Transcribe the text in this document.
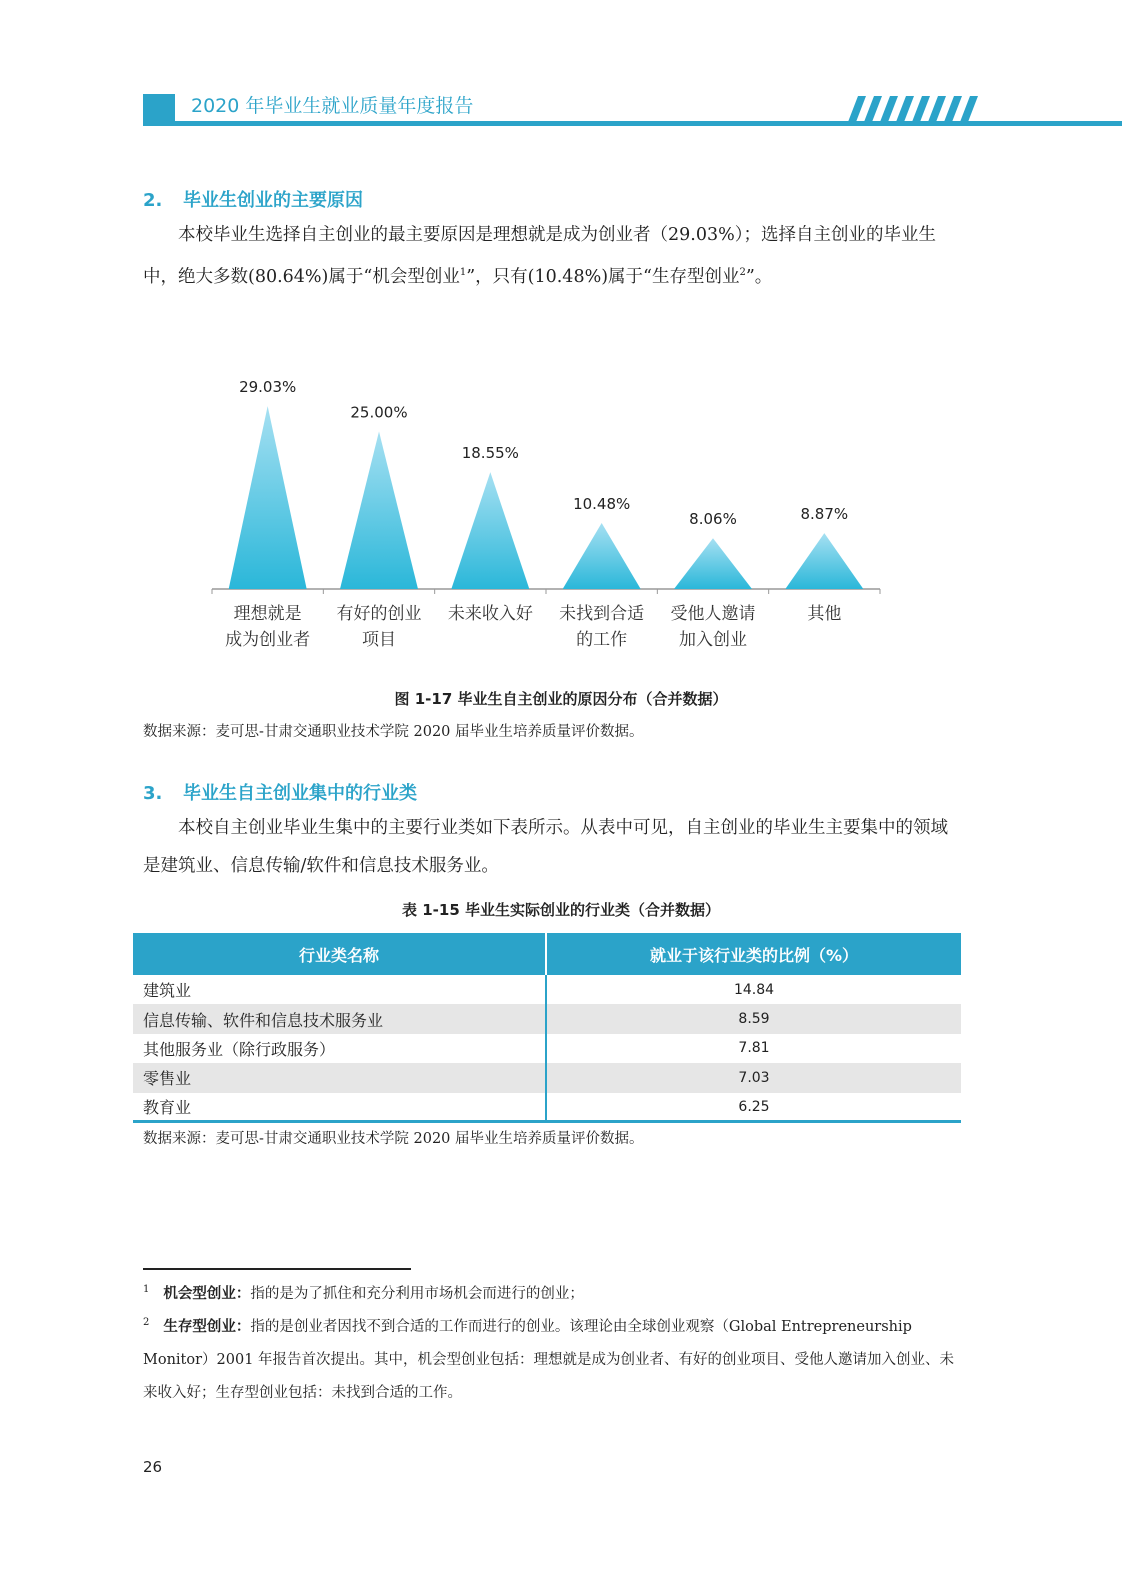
2020 年毕业生就业质量年度报告
2. 毕业生创业的主要原因
本校毕业生选择自主创业的最主要原因是理想就是成为创业者（29.03%）；选择自主创业的毕业生中，绝大多数(80.64%)属于“机会型创业$^1$”，只有(10.48%)属于“生存型创业$^2$”。
29.03%
25.00%
18.55%
10.48%
8.06%	8.87%
理想就是
成为创业者
有好的创业
项目
未来收入好 未找到合适
的工作
受他人邀请
加入创业
其他
图 1-17 毕业生自主创业的原因分布（合并数据）
数据来源：麦可思-甘肃交通职业技术学院 2020 届毕业生培养质量评价数据。
3. 毕业生自主创业集中的行业类
本校自主创业毕业生集中的主要行业类如下表所示。从表中可见，自主创业的毕业生主要集中的领域是建筑业、信息传输/软件和信息技术服务业。
表 1-15 毕业生实际创业的行业类（合并数据）
行业类名称	就业于该行业类的比例（%）
建筑业	14.84
信息传输、软件和信息技术服务业	8.59
其他服务业（除行政服务）	7.81
零售业	7.03
教育业	6.25
数据来源：麦可思-甘肃交通职业技术学院 2020 届毕业生培养质量评价数据。
$^1$ 机会型创业：指的是为了抓住和充分利用市场机会而进行的创业；
$^2$ 生存型创业：指的是创业者因找不到合适的工作而进行的创业。该理论由全球创业观察（Global Entrepreneurship Monitor）2001 年报告首次提出。其中，机会型创业包括：理想就是成为创业者、有好的创业项目、受他人邀请加入创业、未来收入好；生存型创业包括：未找到合适的工作。
26
